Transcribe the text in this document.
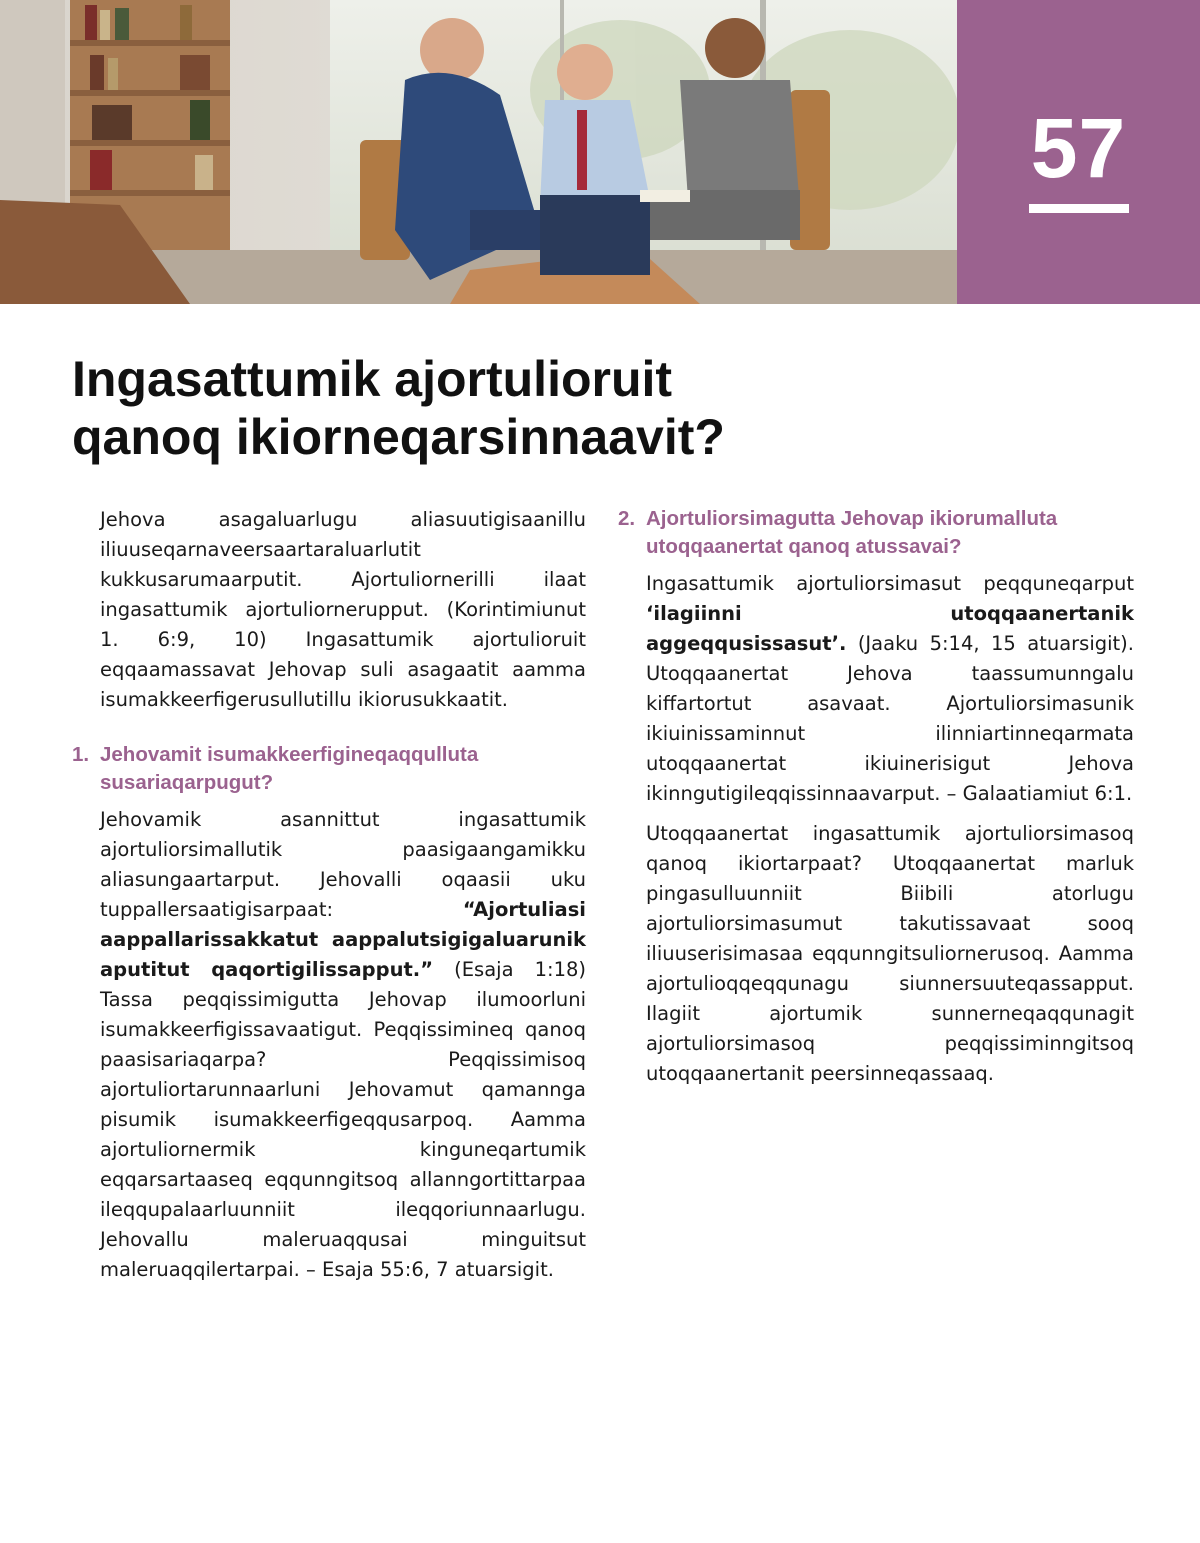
57
Ingasattumik ajortulioruit
qanoq ikiorneqarsinnaavit?

Jehova asagaluarlugu aliasuutigisaanillu iliuuseqarnaveersaartaraluarlutit kukkusarumaarputit. Ajortuliornerilli ilaat ingasattumik ajortuliornerupput. (Korintimiunut 1. 6:9, 10) Ingasattumik ajortulioruit eqqaamassavat Jehovap suli asagaatit aamma isumakkeerfigerusullutillu ikiorusukkaatit.

1. Jehovamit isumakkeerfigineqaqqulluta susariaqarpugut?

Jehovamik asannittut ingasattumik ajortuliorsimallutik paasigaangamikku aliasungaartarput. Jehovalli oqaasii uku tuppallersaatigisarpaat: “Ajortuliasi aappallarissakkatut aappalutsigigaluarunik aputitut qaqortigilissapput.” (Esaja 1:18) Tassa peqqissimigutta Jehovap ilumoorluni isumakkeerfigissavaatigut. Peqqissimineq qanoq paasisariaqarpa? Peqqissimisoq ajortuliortarunnaarluni Jehovamut qamannga pisumik isumakkeerfigeqqusarpoq. Aamma ajortuliornermik kinguneqartumik eqqarsartaaseq eqqunngitsoq allanngortittarpaa ileqqupalaarluunniit ileqqoriunnaarlugu. Jehovallu maleruaqqusai minguitsut maleruaqqilertarpai. – Esaja 55:6, 7 atuarsigit.

2. Ajortuliorsimagutta Jehovap ikiorumalluta utoqqaanertat qanoq atussavai?

Ingasattumik ajortuliorsimasut peqquneqarput ‘ilagiinni utoqqaanertanik aggeqqusissasut’. (Jaaku 5:14, 15 atuarsigit). Utoqqaanertat Jehova taassumunngalu kiffartortut asavaat. Ajortuliorsimasunik ikiuinissaminnut ilinniartinneqarmata utoqqaanertat ikiuinerisigut Jehova ikinngutigileqqissinnaavarput. – Galaatiamiut 6:1.

Utoqqaanertat ingasattumik ajortuliorsimasoq qanoq ikiortarpaat? Utoqqaanertat marluk pingasulluunniit Biibili atorlugu ajortuliorsimasumut takutissavaat sooq iliuuserisimasaa eqqunngitsuliornerusoq. Aamma ajortulioqqeqqunagu siunnersuuteqassapput. Ilagiit ajortumik sunnerneqaqqunagit ajortuliorsimasoq peqqissiminngitsoq utoqqaanertanit peersinneqassaaq.
